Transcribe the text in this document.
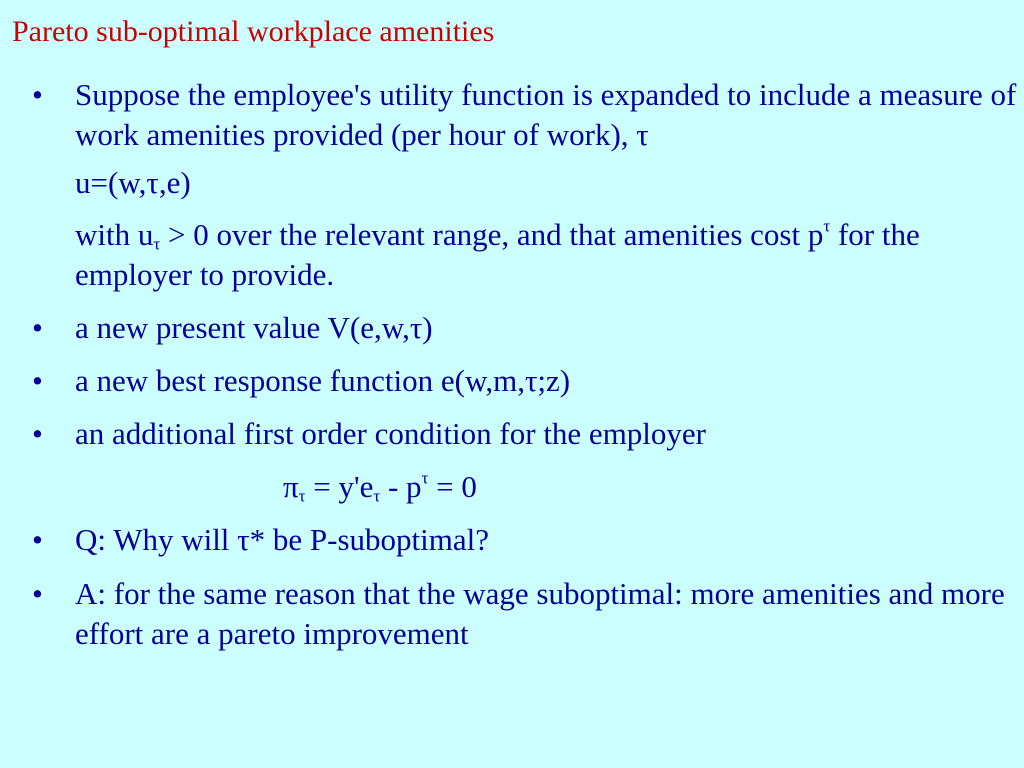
Pareto sub-optimal workplace amenities
• Suppose the employee's utility function is expanded to include a measure of work amenities provided (per hour of work), τ
u=(w,τ,e)
with $u_\tau > 0$ over the relevant range, and that amenities cost $p^\tau$ for the employer to provide.
• a new present value V(e,w,τ)
• a new best response function e(w,m,τ;z)
• an additional first order condition for the employer
$\pi_\tau = y'e_\tau - p^\tau = 0$
• Q: Why will τ* be P-suboptimal?
• A: for the same reason that the wage suboptimal: more amenities and more effort are a pareto improvement
